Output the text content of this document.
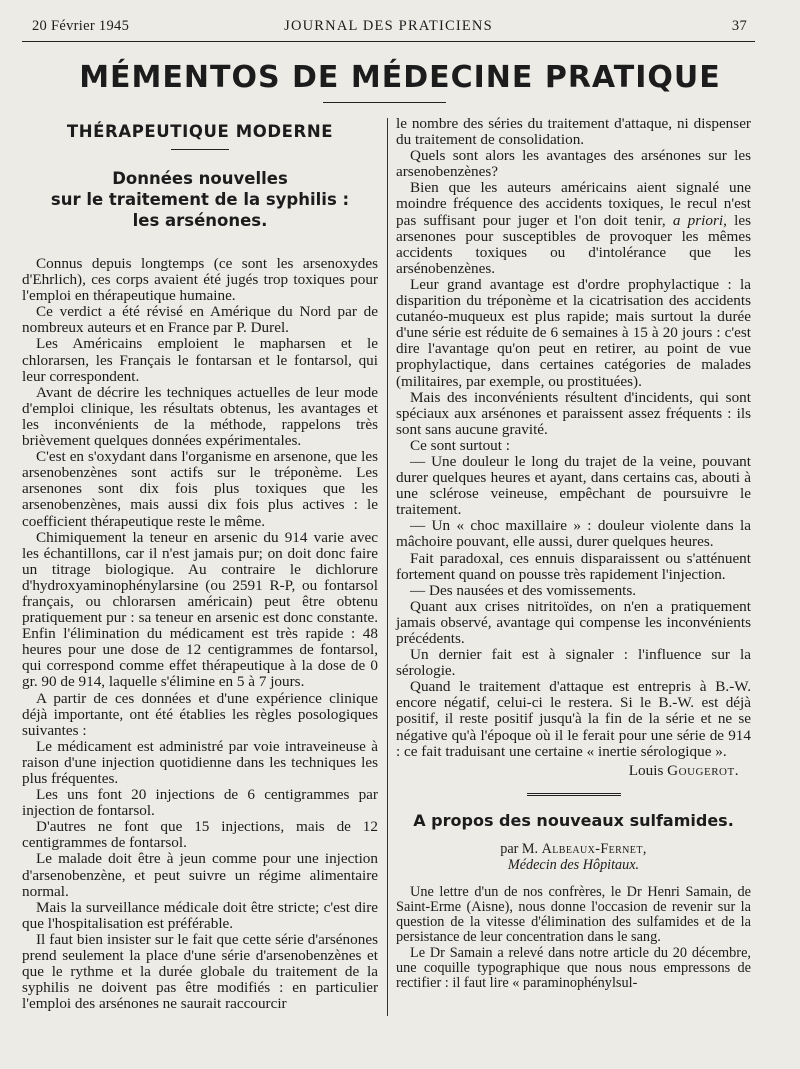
20 Février 1945	JOURNAL DES PRATICIENS	37
MÉMENTOS DE MÉDECINE PRATIQUE
THÉRAPEUTIQUE MODERNE
Données nouvelles
sur le traitement de la syphilis :
les arsénones.

Connus depuis longtemps (ce sont les arsenoxydes d'Ehrlich), ces corps avaient été jugés trop toxiques pour l'emploi en thérapeutique humaine.

Ce verdict a été révisé en Amérique du Nord par de nombreux auteurs et en France par P. Durel.

Les Américains emploient le mapharsen et le chlorarsen, les Français le fontarsan et le fontarsol, qui leur correspondent.

Avant de décrire les techniques actuelles de leur mode d'emploi clinique, les résultats obtenus, les avantages et les inconvénients de la méthode, rappelons très brièvement quelques données expérimentales.

C'est en s'oxydant dans l'organisme en arsenone, que les arsenobenzènes sont actifs sur le tréponème. Les arsenones sont dix fois plus toxiques que les arsenobenzènes, mais aussi dix fois plus actives : le coefficient thérapeutique reste le même.

Chimiquement la teneur en arsenic du 914 varie avec les échantillons, car il n'est jamais pur; on doit donc faire un titrage biologique. Au contraire le dichlorure d'hydroxyaminophénylarsine (ou 2591 R-P, ou fontarsol français, ou chlorarsen américain) peut être obtenu pratiquement pur : sa teneur en arsenic est donc constante. Enfin l'élimination du médicament est très rapide : 48 heures pour une dose de 12 centigrammes de fontarsol, qui correspond comme effet thérapeutique à la dose de 0 gr. 90 de 914, laquelle s'élimine en 5 à 7 jours.

A partir de ces données et d'une expérience clinique déjà importante, ont été établies les règles posologiques suivantes :

Le médicament est administré par voie intraveineuse à raison d'une injection quotidienne dans les techniques les plus fréquentes.

Les uns font 20 injections de 6 centigrammes par injection de fontarsol.

D'autres ne font que 15 injections, mais de 12 centigrammes de fontarsol.

Le malade doit être à jeun comme pour une injection d'arsenobenzène, et peut suivre un régime alimentaire normal.

Mais la surveillance médicale doit être stricte; c'est dire que l'hospitalisation est préférable.

Il faut bien insister sur le fait que cette série d'arsénones prend seulement la place d'une série d'arsenobenzènes et que le rythme et la durée globale du traitement de la syphilis ne doivent pas être modifiés : en particulier l'emploi des arsénones ne saurait raccourcir

le nombre des séries du traitement d'attaque, ni dispenser du traitement de consolidation.

Quels sont alors les avantages des arsénones sur les arsenobenzènes?

Bien que les auteurs américains aient signalé une moindre fréquence des accidents toxiques, le recul n'est pas suffisant pour juger et l'on doit tenir, a priori, les arsenones pour susceptibles de provoquer les mêmes accidents toxiques ou d'intolérance que les arsénobenzènes.

Leur grand avantage est d'ordre prophylactique : la disparition du tréponème et la cicatrisation des accidents cutanéo-muqueux est plus rapide; mais surtout la durée d'une série est réduite de 6 semaines à 15 à 20 jours : c'est dire l'avantage qu'on peut en retirer, au point de vue prophylactique, dans certaines catégories de malades (militaires, par exemple, ou prostituées).

Mais des inconvénients résultent d'incidents, qui sont spéciaux aux arsénones et paraissent assez fréquents : ils sont sans aucune gravité.

Ce sont surtout :

— Une douleur le long du trajet de la veine, pouvant durer quelques heures et ayant, dans certains cas, abouti à une sclérose veineuse, empêchant de poursuivre le traitement.

— Un « choc maxillaire » : douleur violente dans la mâchoire pouvant, elle aussi, durer quelques heures.

Fait paradoxal, ces ennuis disparaissent ou s'atténuent fortement quand on pousse très rapidement l'injection.

— Des nausées et des vomissements.

Quant aux crises nitritoïdes, on n'en a pratiquement jamais observé, avantage qui compense les inconvénients précédents.

Un dernier fait est à signaler : l'influence sur la sérologie.

Quand le traitement d'attaque est entrepris à B.-W. encore négatif, celui-ci le restera. Si le B.-W. est déjà positif, il reste positif jusqu'à la fin de la série et ne se négative qu'à l'époque où il le ferait pour une série de 914 : ce fait traduisant une certaine « inertie sérologique ».

Louis Gougerot.

A propos des nouveaux sulfamides.
par M. Albeaux-Fernet,
Médecin des Hôpitaux.

Une lettre d'un de nos confrères, le Dr Henri Samain, de Saint-Erme (Aisne), nous donne l'occasion de revenir sur la question de la vitesse d'élimination des sulfamides et de la persistance de leur concentration dans le sang.

Le Dr Samain a relevé dans notre article du 20 décembre, une coquille typographique que nous nous empressons de rectifier : il faut lire « paraminophénylsul-
